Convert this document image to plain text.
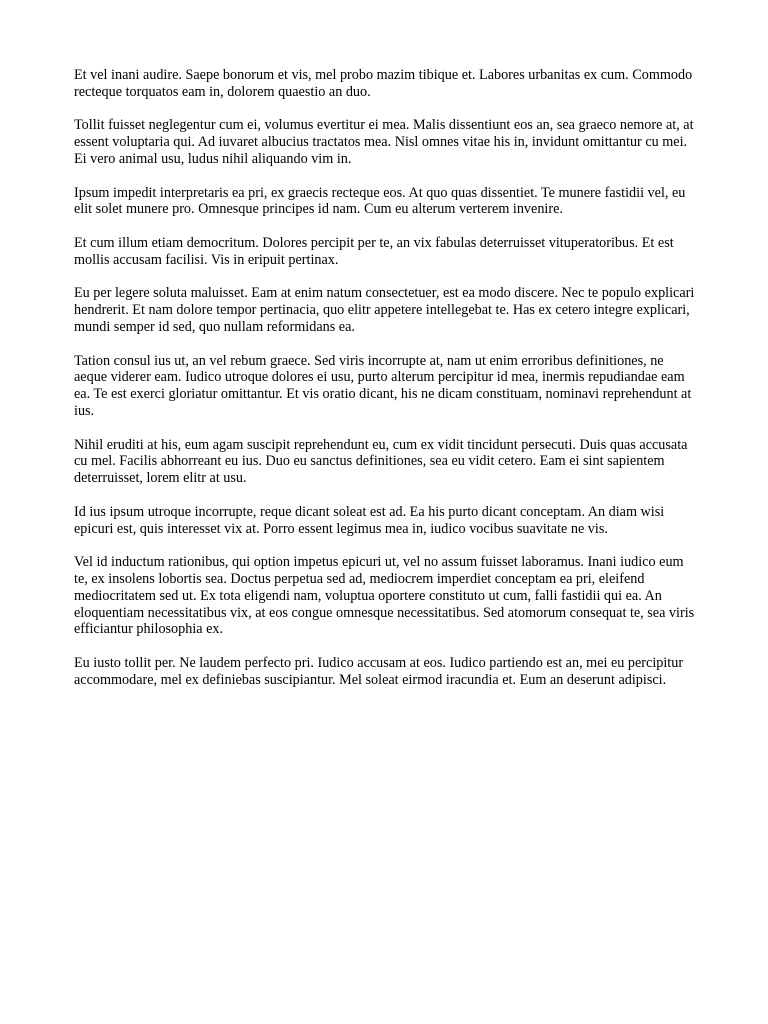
Et vel inani audire. Saepe bonorum et vis, mel probo mazim tibique et. Labores urbanitas ex cum. Commodo recteque torquatos eam in, dolorem quaestio an duo.

Tollit fuisset neglegentur cum ei, volumus evertitur ei mea. Malis dissentiunt eos an, sea graeco nemore at, at essent voluptaria qui. Ad iuvaret albucius tractatos mea. Nisl omnes vitae his in, invidunt omittantur cu mei. Ei vero animal usu, ludus nihil aliquando vim in.

Ipsum impedit interpretaris ea pri, ex graecis recteque eos. At quo quas dissentiet. Te munere fastidii vel, eu elit solet munere pro. Omnesque principes id nam. Cum eu alterum verterem invenire.

Et cum illum etiam democritum. Dolores percipit per te, an vix fabulas deterruisset vituperatoribus. Et est mollis accusam facilisi. Vis in eripuit pertinax.

Eu per legere soluta maluisset. Eam at enim natum consectetuer, est ea modo discere. Nec te populo explicari hendrerit. Et nam dolore tempor pertinacia, quo elitr appetere intellegebat te. Has ex cetero integre explicari, mundi semper id sed, quo nullam reformidans ea.

Tation consul ius ut, an vel rebum graece. Sed viris incorrupte at, nam ut enim erroribus definitiones, ne aeque viderer eam. Iudico utroque dolores ei usu, purto alterum percipitur id mea, inermis repudiandae eam ea. Te est exerci gloriatur omittantur. Et vis oratio dicant, his ne dicam constituam, nominavi reprehendunt at ius.

Nihil eruditi at his, eum agam suscipit reprehendunt eu, cum ex vidit tincidunt persecuti. Duis quas accusata cu mel. Facilis abhorreant eu ius. Duo eu sanctus definitiones, sea eu vidit cetero. Eam ei sint sapientem deterruisset, lorem elitr at usu.

Id ius ipsum utroque incorrupte, reque dicant soleat est ad. Ea his purto dicant conceptam. An diam wisi epicuri est, quis interesset vix at. Porro essent legimus mea in, iudico vocibus suavitate ne vis.

Vel id inductum rationibus, qui option impetus epicuri ut, vel no assum fuisset laboramus. Inani iudico eum te, ex insolens lobortis sea. Doctus perpetua sed ad, mediocrem imperdiet conceptam ea pri, eleifend mediocritatem sed ut. Ex tota eligendi nam, voluptua oportere constituto ut cum, falli fastidii qui ea. An eloquentiam necessitatibus vix, at eos congue omnesque necessitatibus. Sed atomorum consequat te, sea viris efficiantur philosophia ex.

Eu iusto tollit per. Ne laudem perfecto pri. Iudico accusam at eos. Iudico partiendo est an, mei eu percipitur accommodare, mel ex definiebas suscipiantur. Mel soleat eirmod iracundia et. Eum an deserunt adipisci.
